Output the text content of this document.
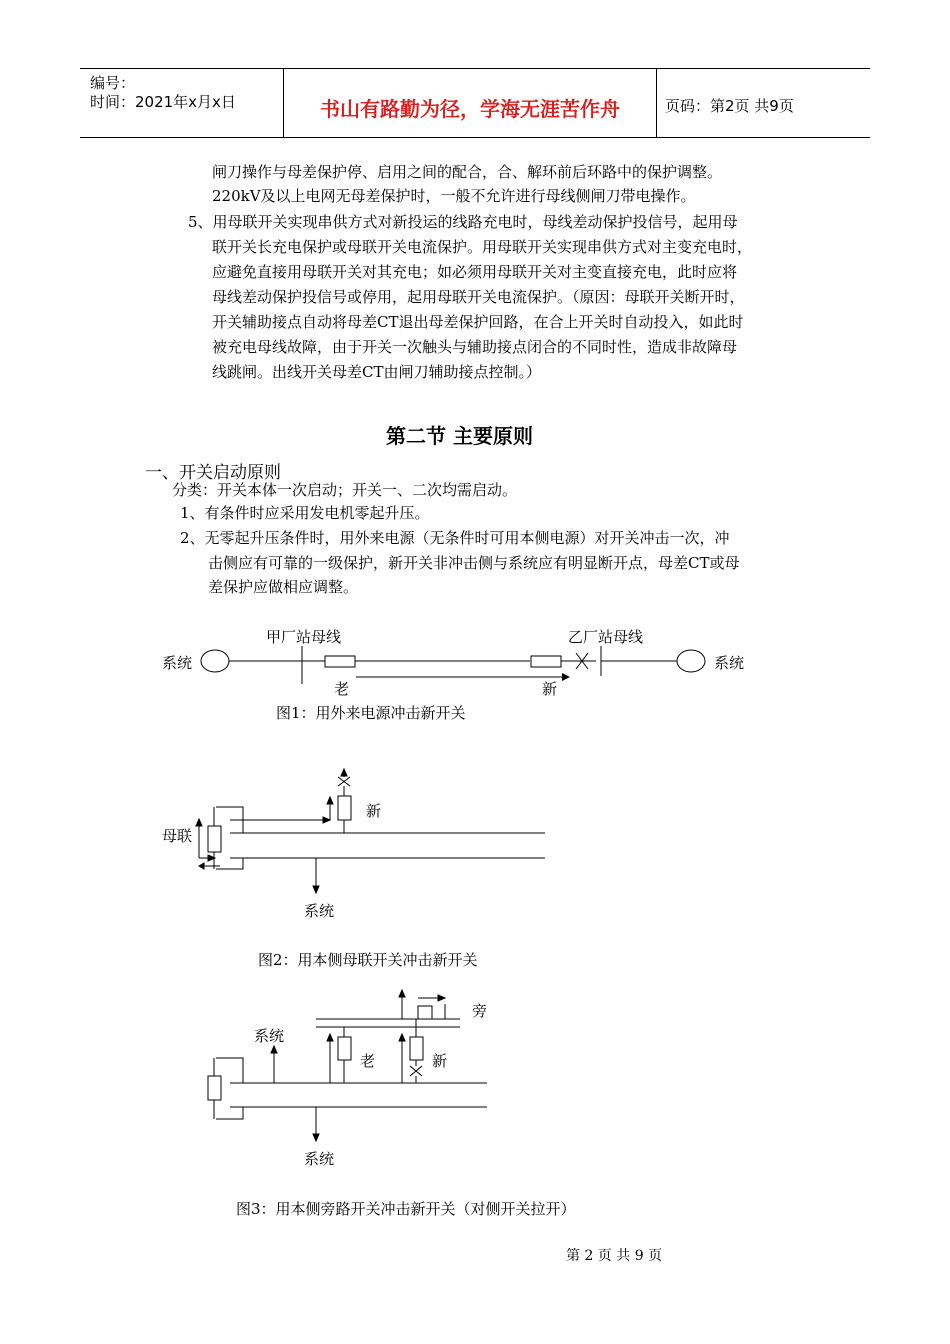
编号：
时间：2021年x月x日	书山有路勤为径，学海无涯苦作舟	页码：第2页 共9页
闸刀操作与母差保护停、启用之间的配合，合、解环前后环路中的保护调整。
220kV及以上电网无母差保护时，一般不允许进行母线侧闸刀带电操作。
5、用母联开关实现串供方式对新投运的线路充电时，母线差动保护投信号，起用母
联开关长充电保护或母联开关电流保护。用母联开关实现串供方式对主变充电时，
应避免直接用母联开关对其充电；如必须用母联开关对主变直接充电，此时应将
母线差动保护投信号或停用，起用母联开关电流保护。（原因：母联开关断开时，
开关辅助接点自动将母差CT退出母差保护回路，在合上开关时自动投入，如此时
被充电母线故障，由于开关一次触头与辅助接点闭合的不同时性，造成非故障母
线跳闸。出线开关母差CT由闸刀辅助接点控制。）
第二节 主要原则
一、开关启动原则
分类：开关本体一次启动；开关一、二次均需启动。
1、有条件时应采用发电机零起升压。
2、无零起升压条件时，用外来电源（无条件时可用本侧电源）对开关冲击一次，冲
击侧应有可靠的一级保护，新开关非冲击侧与系统应有明显断开点，母差CT或母
差保护应做相应调整。
系统
甲厂站母线	乙厂站母线
系统
老	新
图1：用外来电源冲击新开关
新
母联
系统
图2：用本侧母联开关冲击新开关
旁
系统
老	新
系统
图3：用本侧旁路开关冲击新开关（对侧开关拉开）
第 2 页 共 9 页
